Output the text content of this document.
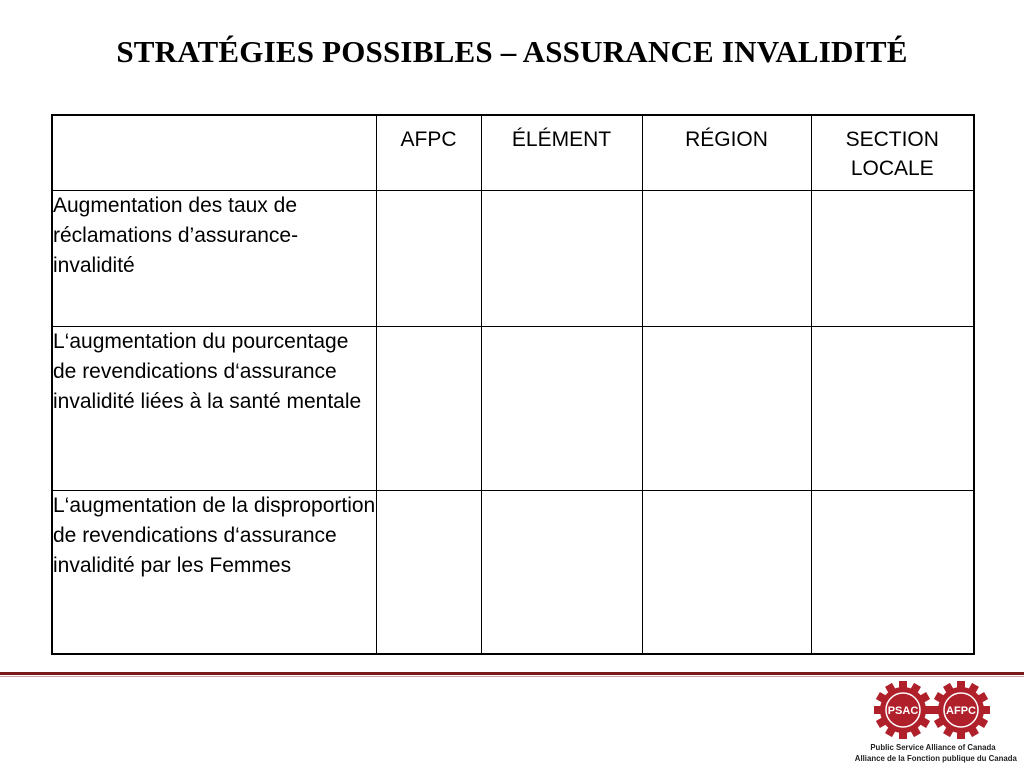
STRATÉGIES POSSIBLES – ASSURANCE INVALIDITÉ
	AFPC	ÉLÉMENT	RÉGION	SECTION LOCALE
Augmentation des taux de réclamations d’assurance-invalidité				
L‘augmentation du pourcentage de revendications d‘assurance invalidité liées à la santé mentale				
L‘augmentation de la disproportion de revendications d‘assurance invalidité par les Femmes				
PSAC	AFPC
Public Service Alliance of Canada
Alliance de la Fonction publique du Canada
